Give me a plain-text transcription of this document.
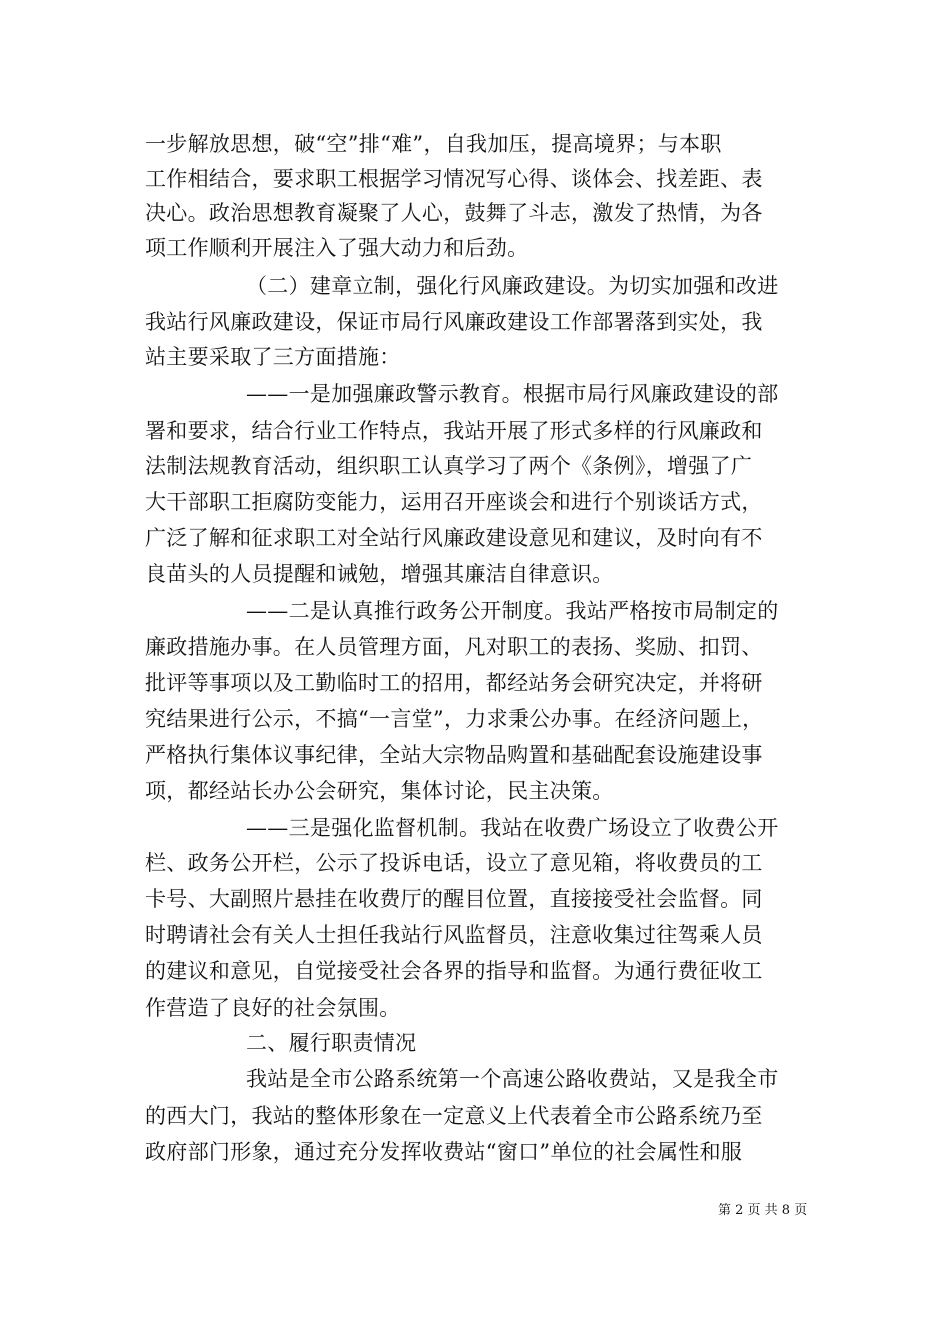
一步解放思想，破“空”排“难”，自我加压，提高境界；与本职
工作相结合，要求职工根据学习情况写心得、谈体会、找差距、表
决心。政治思想教育凝聚了人心，鼓舞了斗志，激发了热情，为各
项工作顺利开展注入了强大动力和后劲。
（二）建章立制，强化行风廉政建设。为切实加强和改进
我站行风廉政建设，保证市局行风廉政建设工作部署落到实处，我
站主要采取了三方面措施：
——一是加强廉政警示教育。根据市局行风廉政建设的部
署和要求，结合行业工作特点，我站开展了形式多样的行风廉政和
法制法规教育活动，组织职工认真学习了两个《条例》，增强了广
大干部职工拒腐防变能力，运用召开座谈会和进行个别谈话方式，
广泛了解和征求职工对全站行风廉政建设意见和建议，及时向有不
良苗头的人员提醒和诫勉，增强其廉洁自律意识。
——二是认真推行政务公开制度。我站严格按市局制定的
廉政措施办事。在人员管理方面，凡对职工的表扬、奖励、扣罚、
批评等事项以及工勤临时工的招用，都经站务会研究决定，并将研
究结果进行公示，不搞“一言堂”，力求秉公办事。在经济问题上，
严格执行集体议事纪律，全站大宗物品购置和基础配套设施建设事
项，都经站长办公会研究，集体讨论，民主决策。
——三是强化监督机制。我站在收费广场设立了收费公开
栏、政务公开栏，公示了投诉电话，设立了意见箱，将收费员的工
卡号、大副照片悬挂在收费厅的醒目位置，直接接受社会监督。同
时聘请社会有关人士担任我站行风监督员，注意收集过往驾乘人员
的建议和意见，自觉接受社会各界的指导和监督。为通行费征收工
作营造了良好的社会氛围。
二、履行职责情况
我站是全市公路系统第一个高速公路收费站，又是我全市
的西大门，我站的整体形象在一定意义上代表着全市公路系统乃至
政府部门形象，通过充分发挥收费站“窗口”单位的社会属性和服
第 2 页 共 8 页
